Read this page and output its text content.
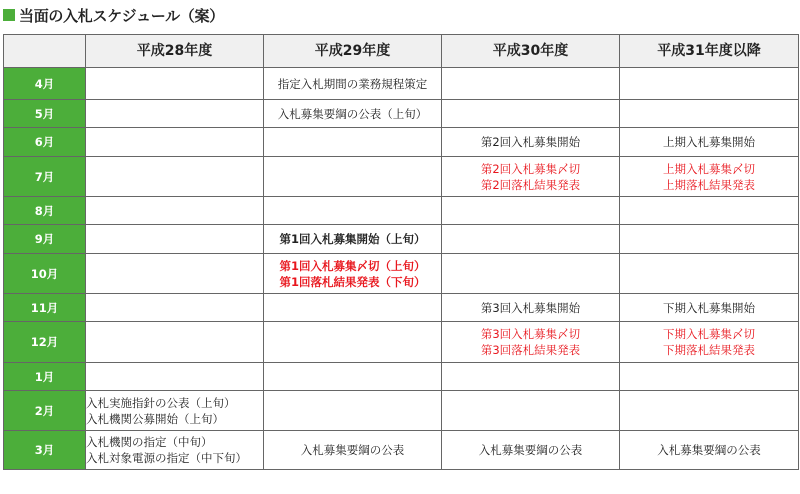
当面の入札スケジュール（案）
	平成28年度	平成29年度	平成30年度	平成31年度以降
4月		指定入札期間の業務規程策定		

5月		入札募集要綱の公表（上旬）		

6月			第2回入札募集開始	上期入札募集開始

7月			第2回入札募集〆切
第2回落札結果発表	上期入札募集〆切
上期落札結果発表

8月				
9月		第1回入札募集開始（上旬）		

10月		第1回入札募集〆切（上旬）
第1回落札結果発表（下旬）		

11月			第3回入札募集開始	下期入札募集開始

12月			第3回入札募集〆切
第3回落札結果発表	下期入札募集〆切
下期落札結果発表

1月				
2月	入札実施指針の公表（上旬）
入札機関公募開始（上旬）			

3月	入札機関の指定（中旬）
入札対象電源の指定（中下旬）	入札募集要綱の公表	入札募集要綱の公表	入札募集要綱の公表
